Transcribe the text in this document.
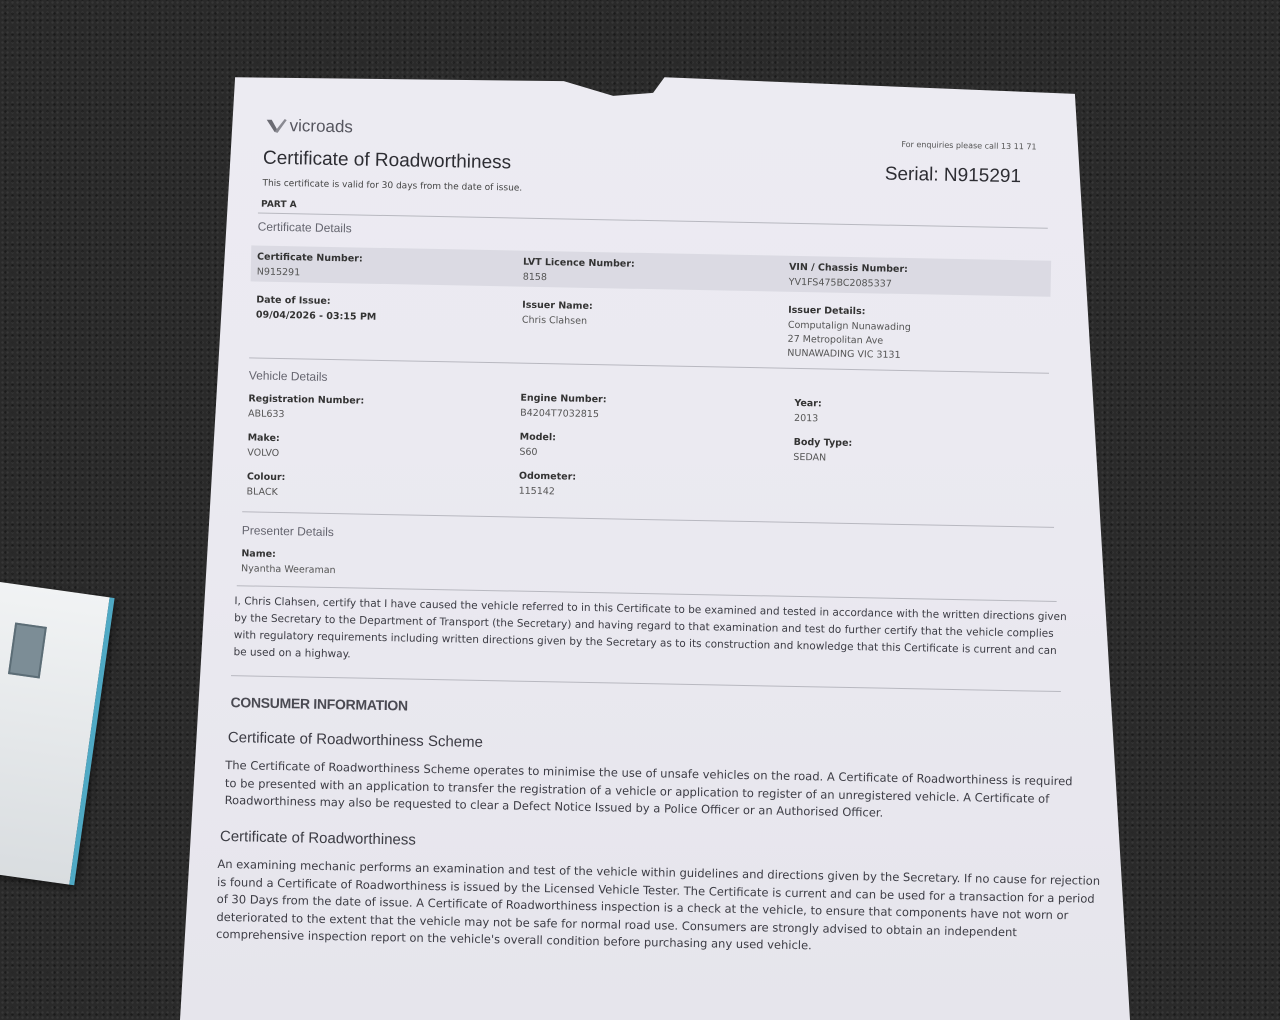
vicroads
For enquiries please call 13 11 71
Certificate of Roadworthiness
Serial: N915291
This certificate is valid for 30 days from the date of issue.
PART A
Certificate Details
Certificate Number:
N915291
LVT Licence Number:
8158
VIN / Chassis Number:
YV1FS475BC2085337
Date of Issue:
09/04/2026 - 03:15 PM
Issuer Name:
Chris Clahsen
Issuer Details:
Computalign Nunawading
27 Metropolitan Ave
NUNAWADING VIC 3131
Vehicle Details
Registration Number:
ABL633
Engine Number:
B4204T7032815
Year:
2013
Make:
VOLVO
Model:
S60
Body Type:
SEDAN
Colour:
BLACK
Odometer:
115142
Presenter Details
Name:
Nyantha Weeraman
I, Chris Clahsen, certify that I have caused the vehicle referred to in this Certificate to be examined and tested in accordance with the written directions given by the Secretary to the Department of Transport (the Secretary) and having regard to that examination and test do further certify that the vehicle complies with regulatory requirements including written directions given by the Secretary as to its construction and knowledge that this Certificate is current and can be used on a highway.
CONSUMER INFORMATION
Certificate of Roadworthiness Scheme
The Certificate of Roadworthiness Scheme operates to minimise the use of unsafe vehicles on the road. A Certificate of Roadworthiness is required to be presented with an application to transfer the registration of a vehicle or application to register of an unregistered vehicle. A Certificate of Roadworthiness may also be requested to clear a Defect Notice Issued by a Police Officer or an Authorised Officer.
Certificate of Roadworthiness
An examining mechanic performs an examination and test of the vehicle within guidelines and directions given by the Secretary. If no cause for rejection is found a Certificate of Roadworthiness is issued by the Licensed Vehicle Tester. The Certificate is current and can be used for a transaction for a period of 30 Days from the date of issue. A Certificate of Roadworthiness inspection is a check at the vehicle, to ensure that components have not worn or deteriorated to the extent that the vehicle may not be safe for normal road use. Consumers are strongly advised to obtain an independent comprehensive inspection report on the vehicle's overall condition before purchasing any used vehicle.
